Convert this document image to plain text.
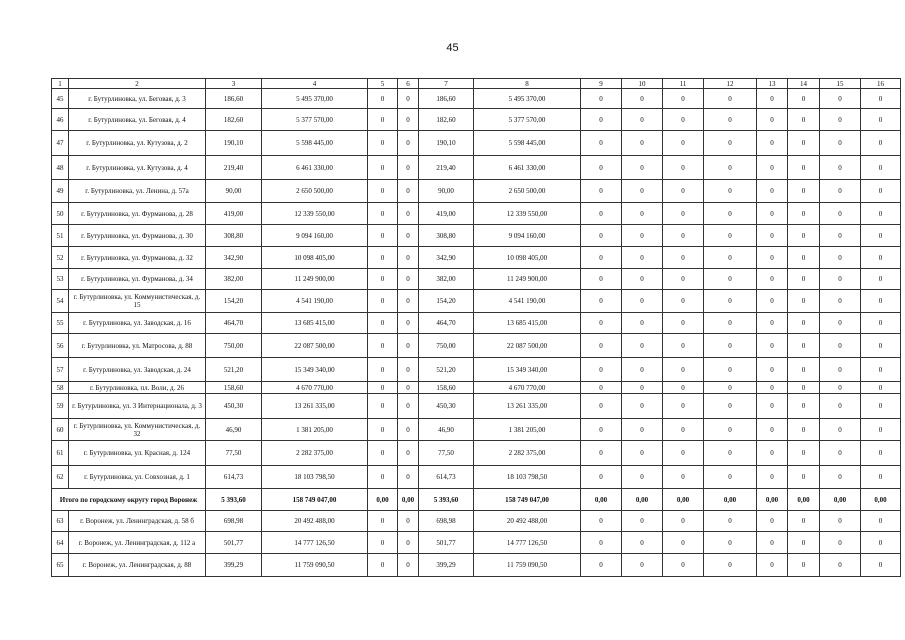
45
1	2	3	4	5	6	7	8	9	10	11	12	13	14	15	16
45	г. Бутурлиновка, ул. Беговая, д. 3	186,60	5 495 370,00	0	0	186,60	5 495 370,00	0	0	0	0	0	0	0	0
46	г. Бутурлиновка, ул. Беговая, д. 4	182,60	5 377 570,00	0	0	182,60	5 377 570,00	0	0	0	0	0	0	0	0
47	г. Бутурлиновка, ул. Кутузова, д. 2	190,10	5 598 445,00	0	0	190,10	5 598 445,00	0	0	0	0	0	0	0	0
48	г. Бутурлиновка, ул. Кутузова, д. 4	219,40	6 461 330,00	0	0	219,40	6 461 330,00	0	0	0	0	0	0	0	0
49	г. Бутурлиновка, ул. Ленина, д. 57а	90,00	2 650 500,00	0	0	90,00	2 650 500,00	0	0	0	0	0	0	0	0
50	г. Бутурлиновка, ул. Фурманова, д. 28	419,00	12 339 550,00	0	0	419,00	12 339 550,00	0	0	0	0	0	0	0	0
51	г. Бутурлиновка, ул. Фурманова, д. 30	308,80	9 094 160,00	0	0	308,80	9 094 160,00	0	0	0	0	0	0	0	0
52	г. Бутурлиновка, ул. Фурманова, д. 32	342,90	10 098 405,00	0	0	342,90	10 098 405,00	0	0	0	0	0	0	0	0
53	г. Бутурлиновка, ул. Фурманова, д. 34	382,00	11 249 900,00	0	0	382,00	11 249 900,00	0	0	0	0	0	0	0	0
54	г. Бутурлиновка, ул. Коммунистическая, д. 15	154,20	4 541 190,00	0	0	154,20	4 541 190,00	0	0	0	0	0	0	0	0
55	г. Бутурлиновка, ул. Заводская, д. 16	464,70	13 685 415,00	0	0	464,70	13 685 415,00	0	0	0	0	0	0	0	0
56	г. Бутурлиновка, ул. Матросова, д. 88	750,00	22 087 500,00	0	0	750,00	22 087 500,00	0	0	0	0	0	0	0	0
57	г. Бутурлиновка, ул. Заводская, д. 24	521,20	15 349 340,00	0	0	521,20	15 349 340,00	0	0	0	0	0	0	0	0
58	г. Бутурлиновка, пл. Воли, д. 26	158,60	4 670 770,00	0	0	158,60	4 670 770,00	0	0	0	0	0	0	0	0
59	г. Бутурлиновка, ул. 3 Интернационала, д. 3	450,30	13 261 335,00	0	0	450,30	13 261 335,00	0	0	0	0	0	0	0	0
60	г. Бутурлиновка, ул. Коммунистическая, д. 32	46,90	1 381 205,00	0	0	46,90	1 381 205,00	0	0	0	0	0	0	0	0
61	г. Бутурлиновка, ул. Красная, д. 124	77,50	2 282 375,00	0	0	77,50	2 282 375,00	0	0	0	0	0	0	0	0
62	г. Бутурлиновка, ул. Совхозная, д. 1	614,73	18 103 798,50	0	0	614,73	18 103 798,50	0	0	0	0	0	0	0	0
Итого по городскому округу город Воронеж		5 393,60	158 749 047,00	0,00	0,00	5 393,60	158 749 047,00	0,00	0,00	0,00	0,00	0,00	0,00	0,00	0,00
63	г. Воронеж, ул. Ленинградская, д. 58 б	698,98	20 492 488,00	0	0	698,98	20 492 488,00	0	0	0	0	0	0	0	0
64	г. Воронеж, ул. Ленинградская, д. 112 а	501,77	14 777 126,50	0	0	501,77	14 777 126,50	0	0	0	0	0	0	0	0
65	г. Воронеж, ул. Ленинградская, д. 88	399,29	11 759 090,50	0	0	399,29	11 759 090,50	0	0	0	0	0	0	0	0
